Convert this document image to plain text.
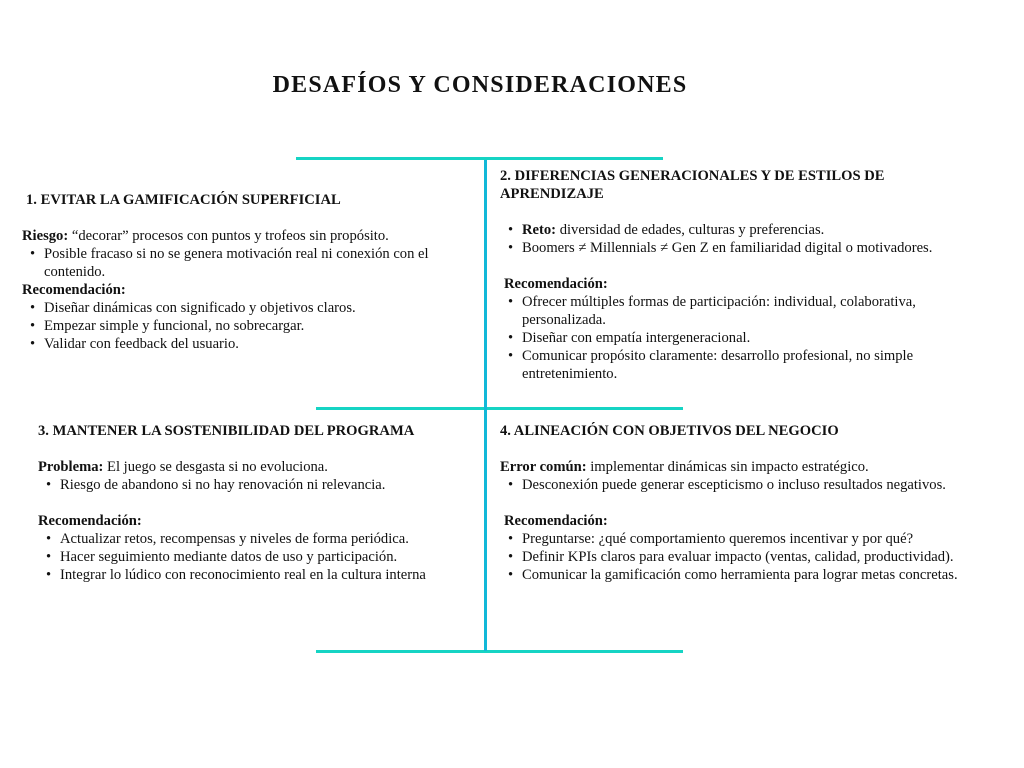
DESAFÍOS Y CONSIDERACIONES
1. EVITAR LA GAMIFICACIÓN SUPERFICIAL

Riesgo: “decorar” procesos con puntos y trofeos sin propósito.

• Posible fracaso si no se genera motivación real ni conexión con el contenido.

Recomendación:

• Diseñar dinámicas con significado y objetivos claros.
• Empezar simple y funcional, no sobrecargar.
• Validar con feedback del usuario.
2. DIFERENCIAS GENERACIONALES Y DE ESTILOS DE APRENDIZAJE
• Reto: diversidad de edades, culturas y preferencias.
• Boomers ≠ Millennials ≠ Gen Z en familiaridad digital o motivadores.

Recomendación:

• Ofrecer múltiples formas de participación: individual, colaborativa, personalizada.
• Diseñar con empatía intergeneracional.
• Comunicar propósito claramente: desarrollo profesional, no simple entretenimiento.
3. MANTENER LA SOSTENIBILIDAD DEL PROGRAMA

Problema: El juego se desgasta si no evoluciona.

• Riesgo de abandono si no hay renovación ni relevancia.

Recomendación:

• Actualizar retos, recompensas y niveles de forma periódica.
• Hacer seguimiento mediante datos de uso y participación.
• Integrar lo lúdico con reconocimiento real en la cultura interna
4. ALINEACIÓN CON OBJETIVOS DEL NEGOCIO

Error común: implementar dinámicas sin impacto estratégico.

• Desconexión puede generar escepticismo o incluso resultados negativos.

Recomendación:

• Preguntarse: ¿qué comportamiento queremos incentivar y por qué?
• Definir KPIs claros para evaluar impacto (ventas, calidad, productividad).
• Comunicar la gamificación como herramienta para lograr metas concretas.
